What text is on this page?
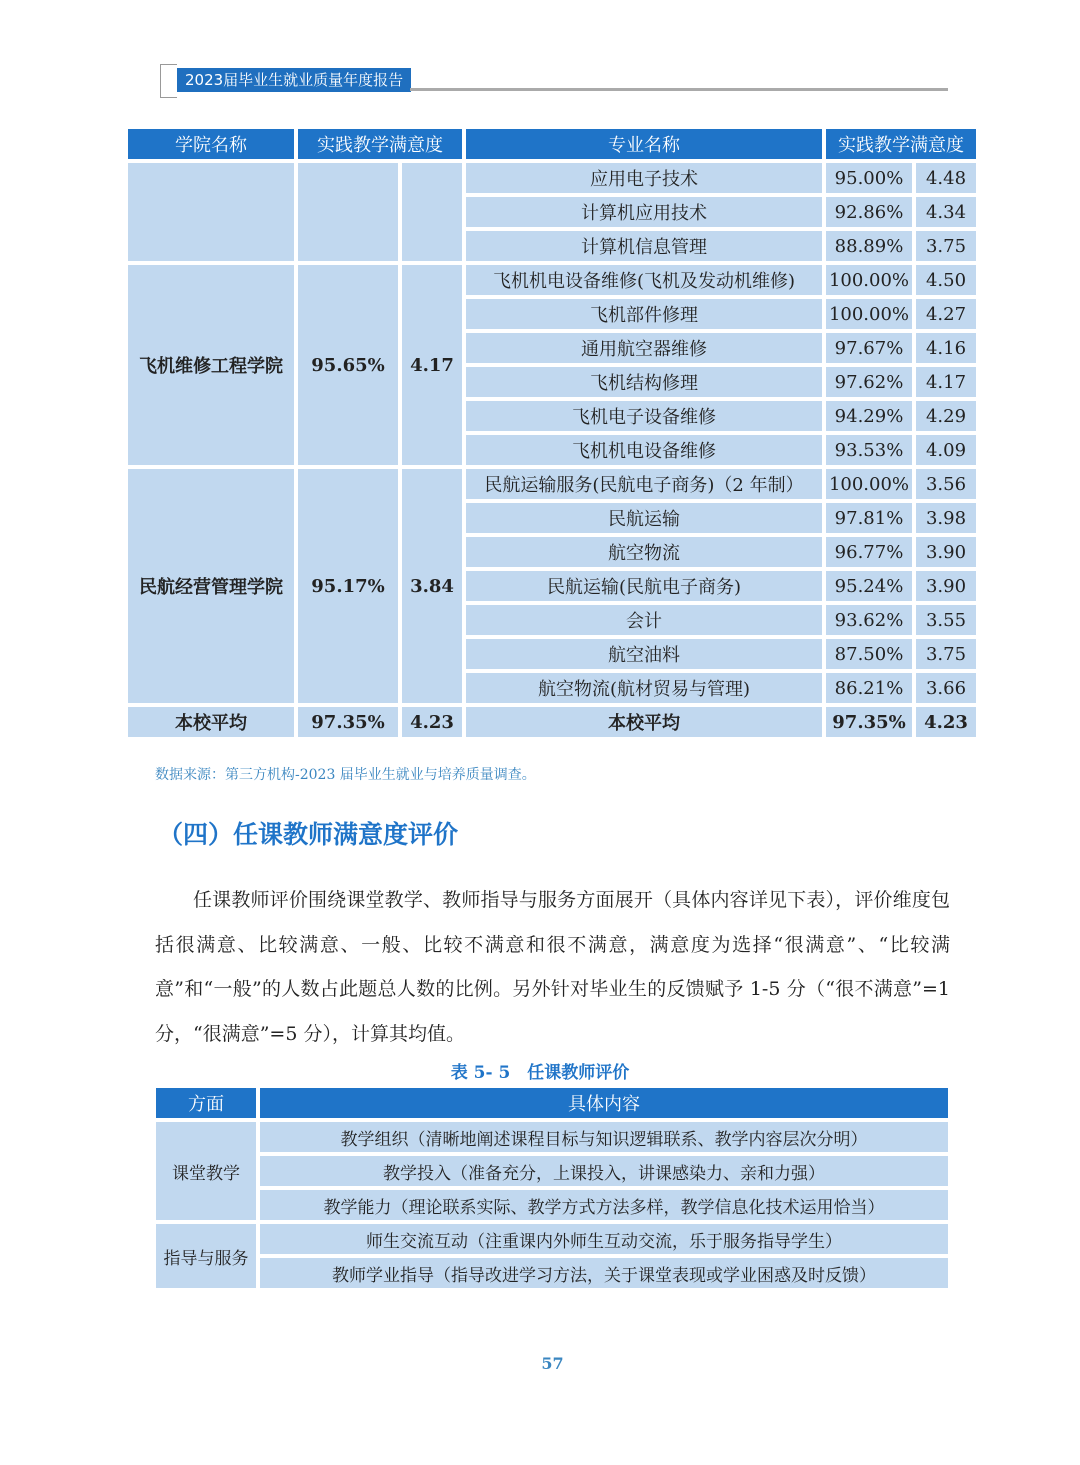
2023届毕业生就业质量年度报告
学院名称	实践教学满意度		专业名称	实践教学满意度	
			应用电子技术	95.00%	4.48
			计算机应用技术	92.86%	4.34
			计算机信息管理	88.89%	3.75
飞机维修工程学院	95.65%	4.17	飞机机电设备维修(飞机及发动机维修)	100.00%	4.50
			飞机部件修理	100.00%	4.27
			通用航空器维修	97.67%	4.16
			飞机结构修理	97.62%	4.17
			飞机电子设备维修	94.29%	4.29
			飞机机电设备维修	93.53%	4.09
民航经营管理学院	95.17%	3.84	民航运输服务(民航电子商务)（2 年制）	100.00%	3.56
			民航运输	97.81%	3.98
			航空物流	96.77%	3.90
			民航运输(民航电子商务)	95.24%	3.90
			会计	93.62%	3.55
			航空油料	87.50%	3.75
			航空物流(航材贸易与管理)	86.21%	3.66
本校平均	97.35%	4.23	本校平均	97.35%	4.23
数据来源：第三方机构-2023 届毕业生就业与培养质量调查。
（四）任课教师满意度评价
任课教师评价围绕课堂教学、教师指导与服务方面展开（具体内容详见下表），评价维度包括很满意、比较满意、一般、比较不满意和很不满意，满意度为选择“很满意”、“比较满意”和“一般”的人数占此题总人数的比例。另外针对毕业生的反馈赋予 1-5 分（“很不满意”=1 分，“很满意”=5 分），计算其均值。
表 5- 5　任课教师评价
方面	具体内容
课堂教学	教学组织（清晰地阐述课程目标与知识逻辑联系、教学内容层次分明）
	教学投入（准备充分，上课投入，讲课感染力、亲和力强）
	教学能力（理论联系实际、教学方式方法多样，教学信息化技术运用恰当）
指导与服务	师生交流互动（注重课内外师生互动交流，乐于服务指导学生）
	教师学业指导（指导改进学习方法，关于课堂表现或学业困惑及时反馈）
57
